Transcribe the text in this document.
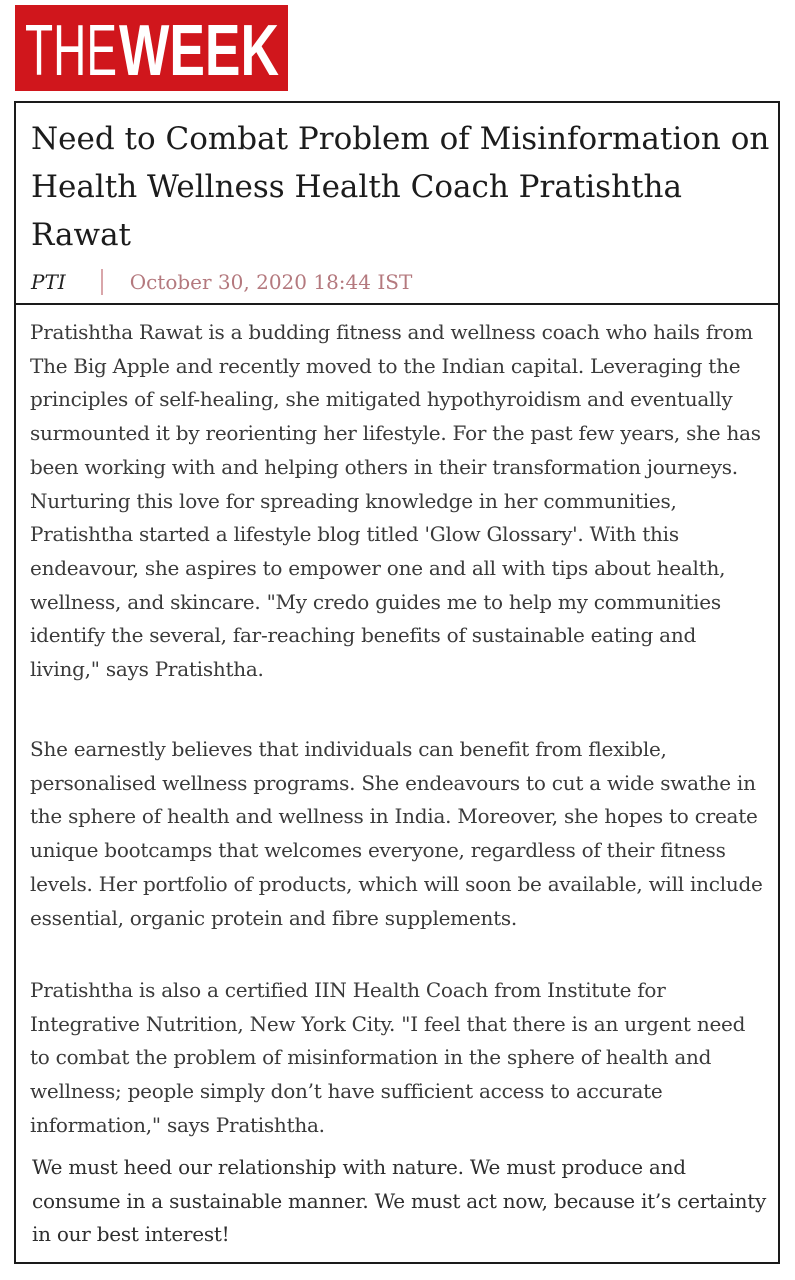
THE WEEK
Need to Combat Problem of Misinformation on Health Wellness Health Coach Pratishtha Rawat
PTI	October 30, 2020 18:44 IST

Pratishtha Rawat is a budding fitness and wellness coach who hails from The Big Apple and recently moved to the Indian capital. Leveraging the principles of self-healing, she mitigated hypothyroidism and eventually surmounted it by reorienting her lifestyle. For the past few years, she has been working with and helping others in their transformation journeys. Nurturing this love for spreading knowledge in her communities, Pratishtha started a lifestyle blog titled 'Glow Glossary'. With this endeavour, she aspires to empower one and all with tips about health, wellness, and skincare. "My credo guides me to help my communities identify the several, far-reaching benefits of sustainable eating and living," says Pratishtha.

She earnestly believes that individuals can benefit from flexible, personalised wellness programs. She endeavours to cut a wide swathe in the sphere of health and wellness in India. Moreover, she hopes to create unique bootcamps that welcomes everyone, regardless of their fitness levels. Her portfolio of products, which will soon be available, will include essential, organic protein and fibre supplements.

Pratishtha is also a certified IIN Health Coach from Institute for Integrative Nutrition, New York City. "I feel that there is an urgent need to combat the problem of misinformation in the sphere of health and wellness; people simply don’t have sufficient access to accurate information," says Pratishtha.

We must heed our relationship with nature. We must produce and consume in a sustainable manner. We must act now, because it’s certainty in our best interest!
